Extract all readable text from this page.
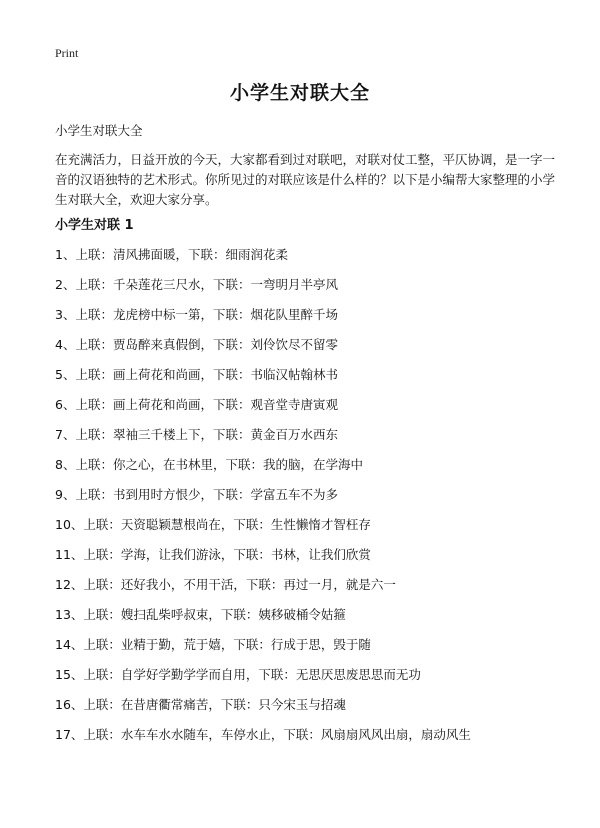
Print
小学生对联大全
小学生对联大全
在充满活力，日益开放的今天，大家都看到过对联吧，对联对仗工整，平仄协调，是一字一音的汉语独特的艺术形式。你所见过的对联应该是什么样的？以下是小编帮大家整理的小学生对联大全，欢迎大家分享。
小学生对联 1
1、上联：清风拂面暖，下联：细雨润花柔
2、上联：千朵莲花三尺水，下联：一弯明月半亭风
3、上联：龙虎榜中标一第，下联：烟花队里醉千场
4、上联：贾岛醉来真假倒，下联：刘伶饮尽不留零
5、上联：画上荷花和尚画，下联：书临汉帖翰林书
6、上联：画上荷花和尚画，下联：观音堂寺唐寅观
7、上联：翠袖三千楼上下，下联：黄金百万水西东
8、上联：你之心，在书林里，下联：我的脑，在学海中
9、上联：书到用时方恨少，下联：学富五车不为多
10、上联：天资聪颖慧根尚在，下联：生性懒惰才智枉存
11、上联：学海，让我们游泳，下联：书林，让我们欣赏
12、上联：还好我小，不用干活，下联：再过一月，就是六一
13、上联：嫂扫乱柴呼叔束，下联：姨移破桶令姑箍
14、上联：业精于勤，荒于嬉，下联：行成于思，毁于随
15、上联：自学好学勤学学而自用，下联：无思厌思废思思而无功
16、上联：在昔唐衢常痛苦，下联：只今宋玉与招魂
17、上联：水车车水水随车，车停水止，下联：风扇扇风风出扇，扇动风生
